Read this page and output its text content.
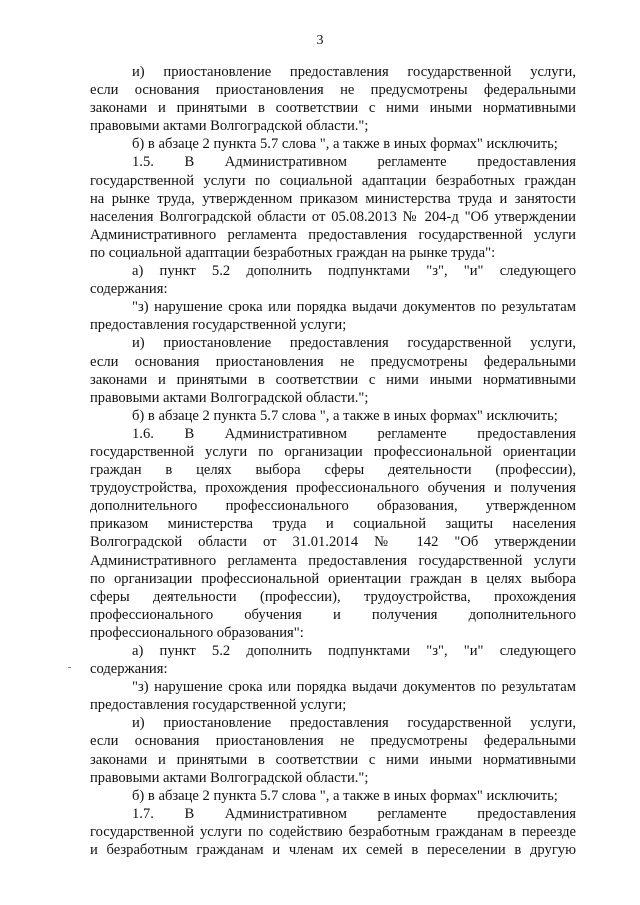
3
и) приостановление предоставления государственной услуги,
если основания приостановления не предусмотрены федеральными
законами и принятыми в соответствии с ними иными нормативными
правовыми актами Волгоградской области.";
б) в абзаце 2 пункта 5.7 слова ", а также в иных формах" исключить;
1.5. В Административном регламенте предоставления
государственной услуги по социальной адаптации безработных граждан
на рынке труда, утвержденном приказом министерства труда и занятости
населения Волгоградской области от 05.08.2013 № 204-д "Об утверждении
Административного регламента предоставления государственной услуги
по социальной адаптации безработных граждан на рынке труда":
а) пункт 5.2 дополнить подпунктами "з", "и" следующего
содержания:
"з) нарушение срока или порядка выдачи документов по результатам
предоставления государственной услуги;
и) приостановление предоставления государственной услуги,
если основания приостановления не предусмотрены федеральными
законами и принятыми в соответствии с ними иными нормативными
правовыми актами Волгоградской области.";
б) в абзаце 2 пункта 5.7 слова ", а также в иных формах" исключить;
1.6. В Административном регламенте предоставления
государственной услуги по организации профессиональной ориентации
граждан в целях выбора сферы деятельности (профессии),
трудоустройства, прохождения профессионального обучения и получения
дополнительного профессионального образования, утвержденном
приказом министерства труда и социальной защиты населения
Волгоградской области от 31.01.2014 № 142 "Об утверждении
Административного регламента предоставления государственной услуги
по организации профессиональной ориентации граждан в целях выбора
сферы деятельности (профессии), трудоустройства, прохождения
профессионального обучения и получения дополнительного
профессионального образования":
а) пункт 5.2 дополнить подпунктами "з", "и" следующего
содержания:
"з) нарушение срока или порядка выдачи документов по результатам
предоставления государственной услуги;
и) приостановление предоставления государственной услуги,
если основания приостановления не предусмотрены федеральными
законами и принятыми в соответствии с ними иными нормативными
правовыми актами Волгоградской области.";
б) в абзаце 2 пункта 5.7 слова ", а также в иных формах" исключить;
1.7. В Административном регламенте предоставления
государственной услуги по содействию безработным гражданам в переезде
и безработным гражданам и членам их семей в переселении в другую
